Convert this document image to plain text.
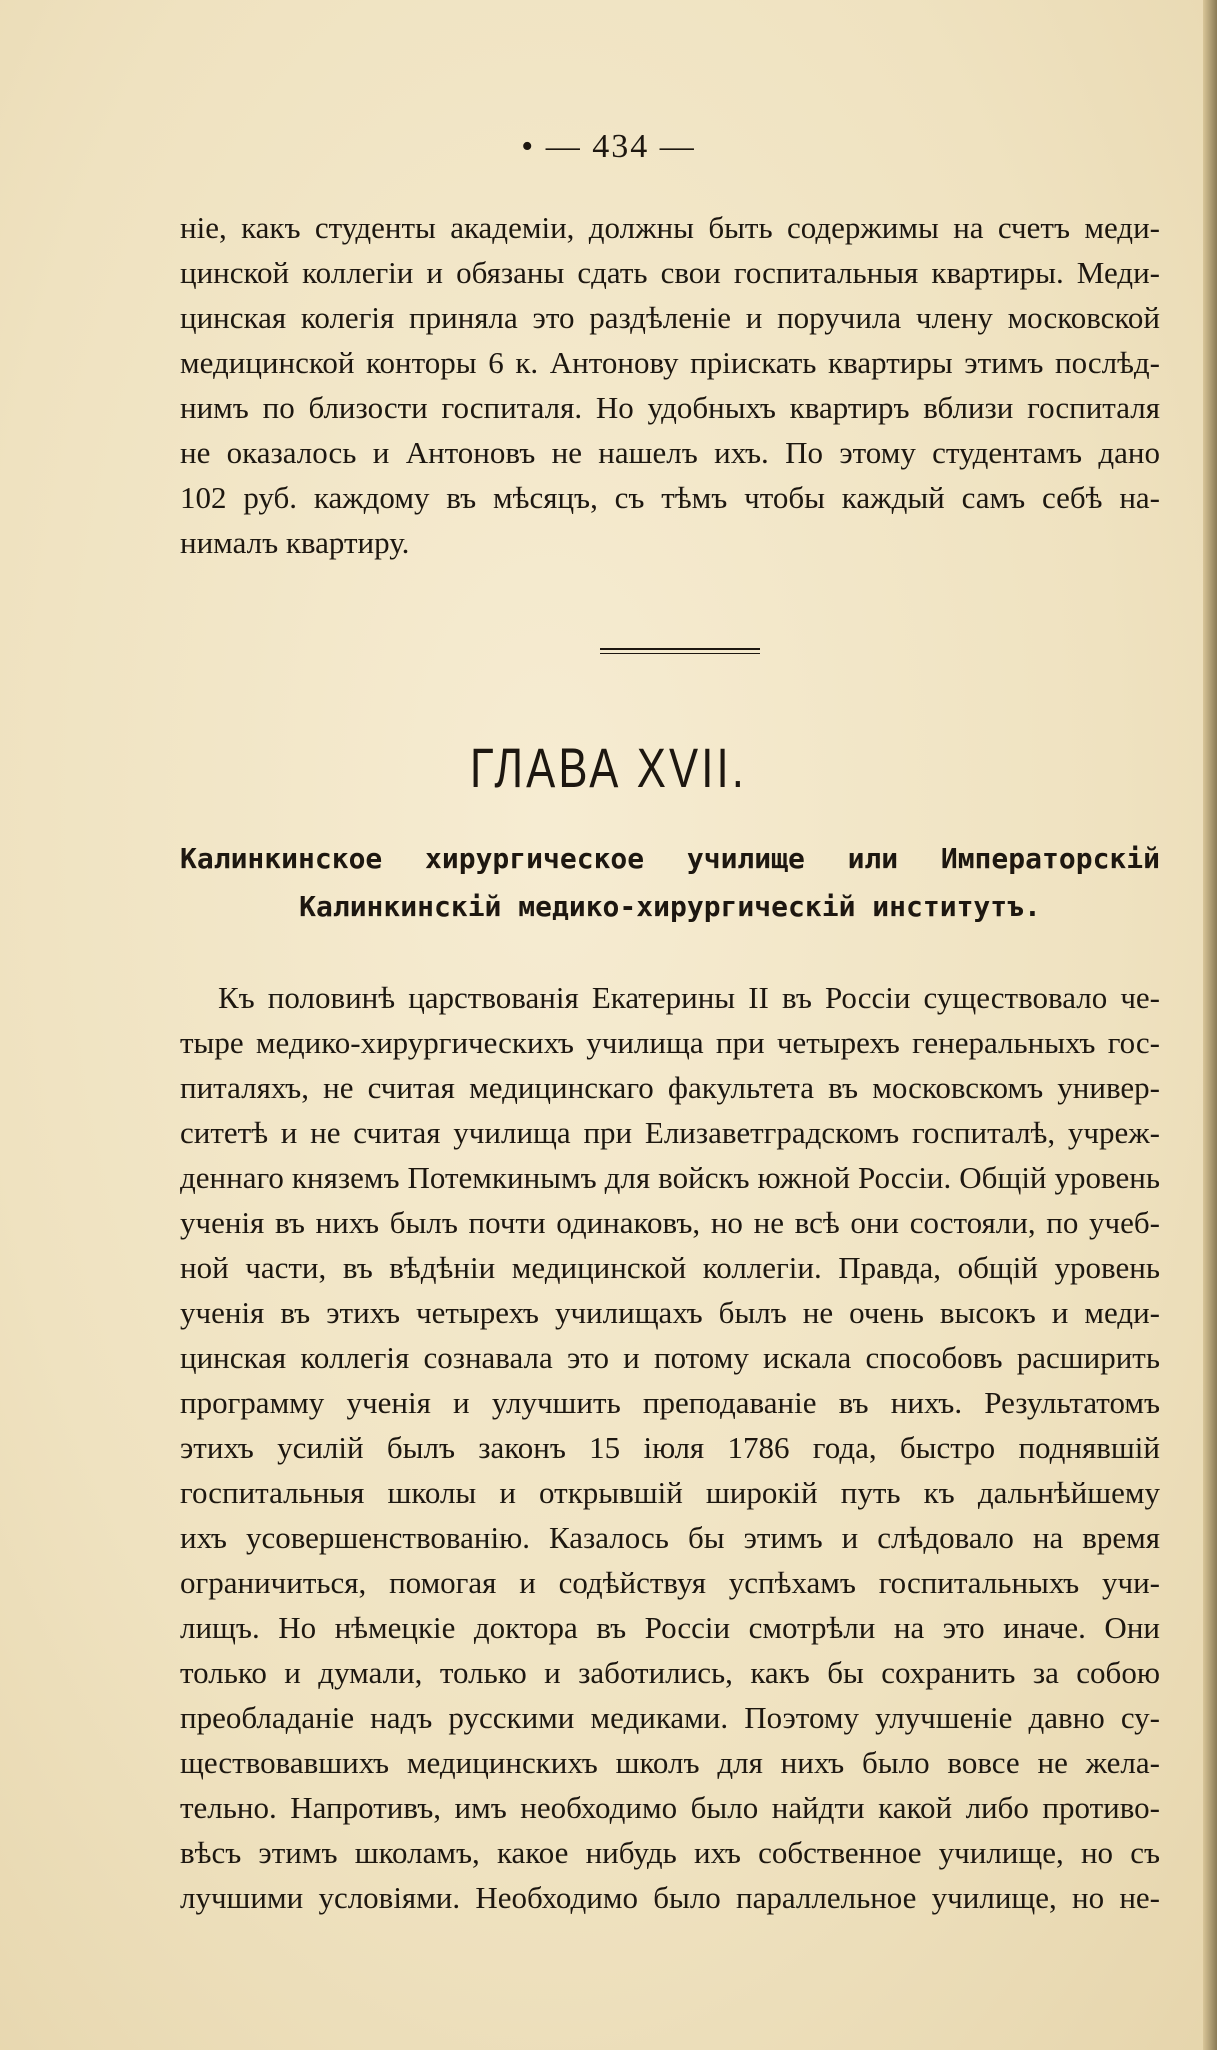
• — 434 —
ніе, какъ студенты академіи, должны быть содержимы на счетъ меди-
цинской коллегіи и обязаны сдать свои госпитальныя квартиры. Меди-
цинская колегія приняла это раздѣленіе и поручила члену московской
медицинской конторы 6 к. Антонову пріискать квартиры этимъ послѣд-
нимъ по близости госпиталя. Но удобныхъ квартиръ вблизи госпиталя
не оказалось и Антоновъ не нашелъ ихъ. По этому студентамъ дано
102 руб. каждому въ мѣсяцъ, съ тѣмъ чтобы каждый самъ себѣ на-
нималъ квартиру.
ГЛАВА XVII.
Калинкинское хирургическое училище или Императорскій
Калинкинскій медико-хирургическій институтъ.
Къ половинѣ царствованія Екатерины II въ Россіи существовало че-
тыре медико-хирургическихъ училища при четырехъ генеральныхъ гос-
питаляхъ, не считая медицинскаго факультета въ московскомъ универ-
ситетѣ и не считая училища при Елизаветградскомъ госпиталѣ, учреж-
деннаго княземъ Потемкинымъ для войскъ южной Россіи. Общій уровень
ученія въ нихъ былъ почти одинаковъ, но не всѣ они состояли, по учеб-
ной части, въ вѣдѣніи медицинской коллегіи. Правда, общій уровень
ученія въ этихъ четырехъ училищахъ былъ не очень высокъ и меди-
цинская коллегія сознавала это и потому искала способовъ расширить
программу ученія и улучшить преподаваніе въ нихъ. Результатомъ
этихъ усилій былъ законъ 15 іюля 1786 года, быстро поднявшій
госпитальныя школы и открывшій широкій путь къ дальнѣйшему
ихъ усовершенствованію. Казалось бы этимъ и слѣдовало на время
ограничиться, помогая и содѣйствуя успѣхамъ госпитальныхъ учи-
лищъ. Но нѣмецкіе доктора въ Россіи смотрѣли на это иначе. Они
только и думали, только и заботились, какъ бы сохранить за собою
преобладаніе надъ русскими медиками. Поэтому улучшеніе давно су-
ществовавшихъ медицинскихъ школъ для нихъ было вовсе не жела-
тельно. Напротивъ, имъ необходимо было найдти какой либо противо-
вѣсъ этимъ школамъ, какое нибудь ихъ собственное училище, но съ
лучшими условіями. Необходимо было параллельное училище, но не-
